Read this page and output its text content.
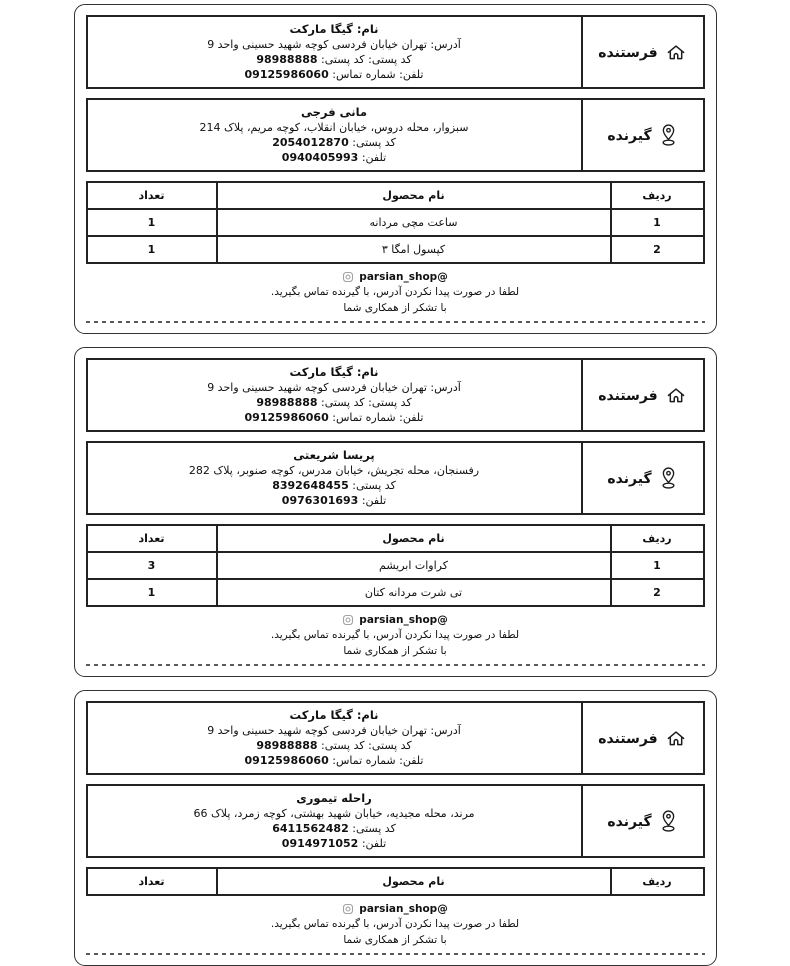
فرستنده
نام: گیگا مارکت
آدرس: تهران خیابان فردسی کوچه شهید حسینی واحد 9
کد پستی: کد پستی: 98988888
تلفن: شماره تماس: 09125986060
گیرنده
مانی فرجی
سبزوار، محله دروس، خیابان انقلاب، کوچه مریم، پلاک 214
کد پستی: 2054012870
تلفن: 0940405993
ردیف	نام محصول	تعداد
1	ساعت مچی مردانه	1
2	کپسول امگا ۳	1
@parsian_shop
لطفا در صورت پیدا نکردن آدرس، با گیرنده تماس بگیرید.
با تشکر از همکاری شما
فرستنده
نام: گیگا مارکت
آدرس: تهران خیابان فردسی کوچه شهید حسینی واحد 9
کد پستی: کد پستی: 98988888
تلفن: شماره تماس: 09125986060
گیرنده
پریسا شریعتی
رفسنجان، محله تجریش، خیابان مدرس، کوچه صنوبر، پلاک 282
کد پستی: 8392648455
تلفن: 0976301693
ردیف	نام محصول	تعداد
1	کراوات ابریشم	3
2	تی شرت مردانه کتان	1
@parsian_shop
لطفا در صورت پیدا نکردن آدرس، با گیرنده تماس بگیرید.
با تشکر از همکاری شما
فرستنده
نام: گیگا مارکت
آدرس: تهران خیابان فردسی کوچه شهید حسینی واحد 9
کد پستی: کد پستی: 98988888
تلفن: شماره تماس: 09125986060
گیرنده
راحله تیموری
مرند، محله مجیدیه، خیابان شهید بهشتی، کوچه زمرد، پلاک 66
کد پستی: 6411562482
تلفن: 0914971052
ردیف	نام محصول	تعداد
@parsian_shop
لطفا در صورت پیدا نکردن آدرس، با گیرنده تماس بگیرید.
با تشکر از همکاری شما
